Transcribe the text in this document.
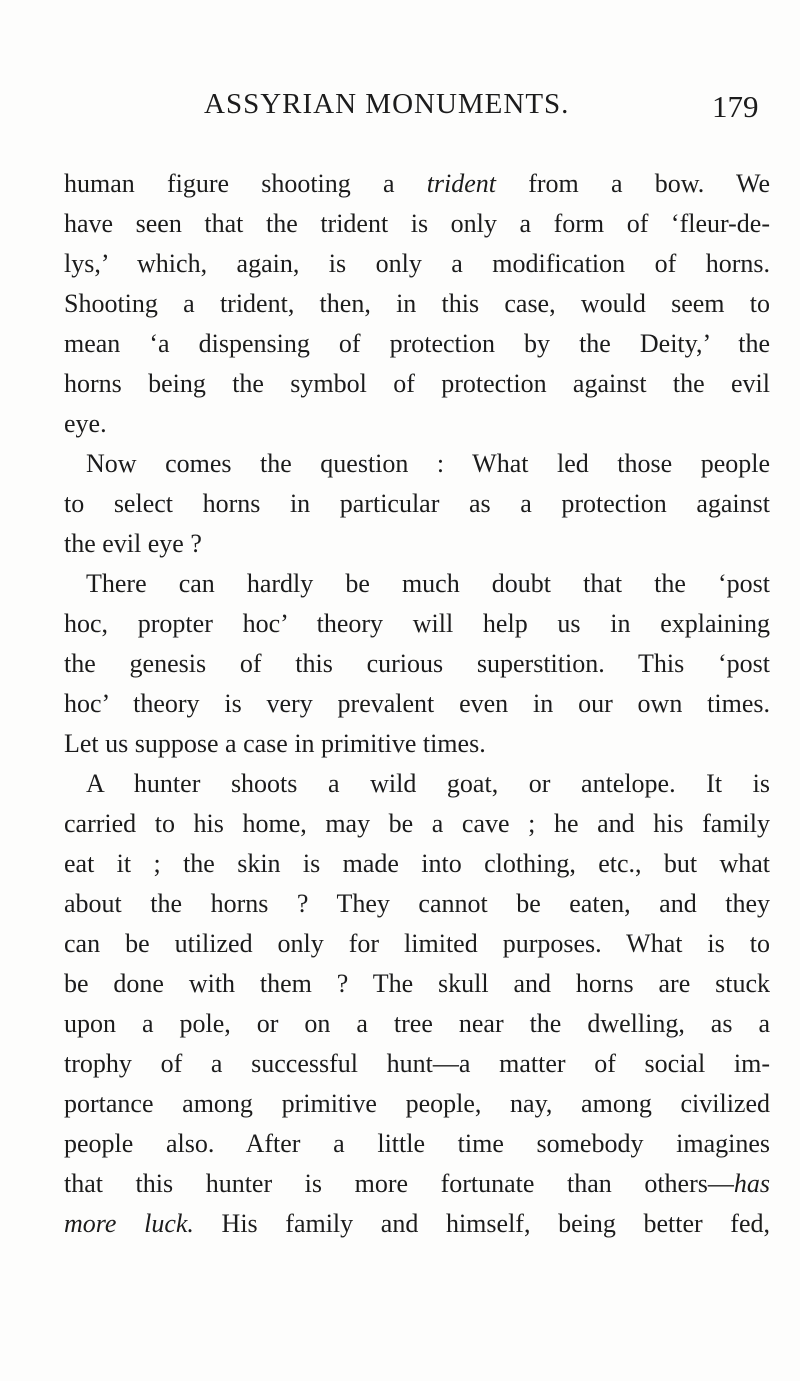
ASSYRIAN MONUMENTS.	179
human figure shooting a trident from a bow. We
have seen that the trident is only a form of ‘fleur-de-
lys,’ which, again, is only a modification of horns.
Shooting a trident, then, in this case, would seem to
mean ‘a dispensing of protection by the Deity,’ the
horns being the symbol of protection against the evil
eye.
Now comes the question : What led those people
to select horns in particular as a protection against
the evil eye ?
There can hardly be much doubt that the ‘post
hoc, propter hoc’ theory will help us in explaining
the genesis of this curious superstition. This ‘post
hoc’ theory is very prevalent even in our own times.
Let us suppose a case in primitive times.
A hunter shoots a wild goat, or antelope. It is
carried to his home, may be a cave ; he and his family
eat it ; the skin is made into clothing, etc., but what
about the horns ? They cannot be eaten, and they
can be utilized only for limited purposes. What is to
be done with them ? The skull and horns are stuck
upon a pole, or on a tree near the dwelling, as a
trophy of a successful hunt—a matter of social im-
portance among primitive people, nay, among civilized
people also. After a little time somebody imagines
that this hunter is more fortunate than others—has
more luck. His family and himself, being better fed,
